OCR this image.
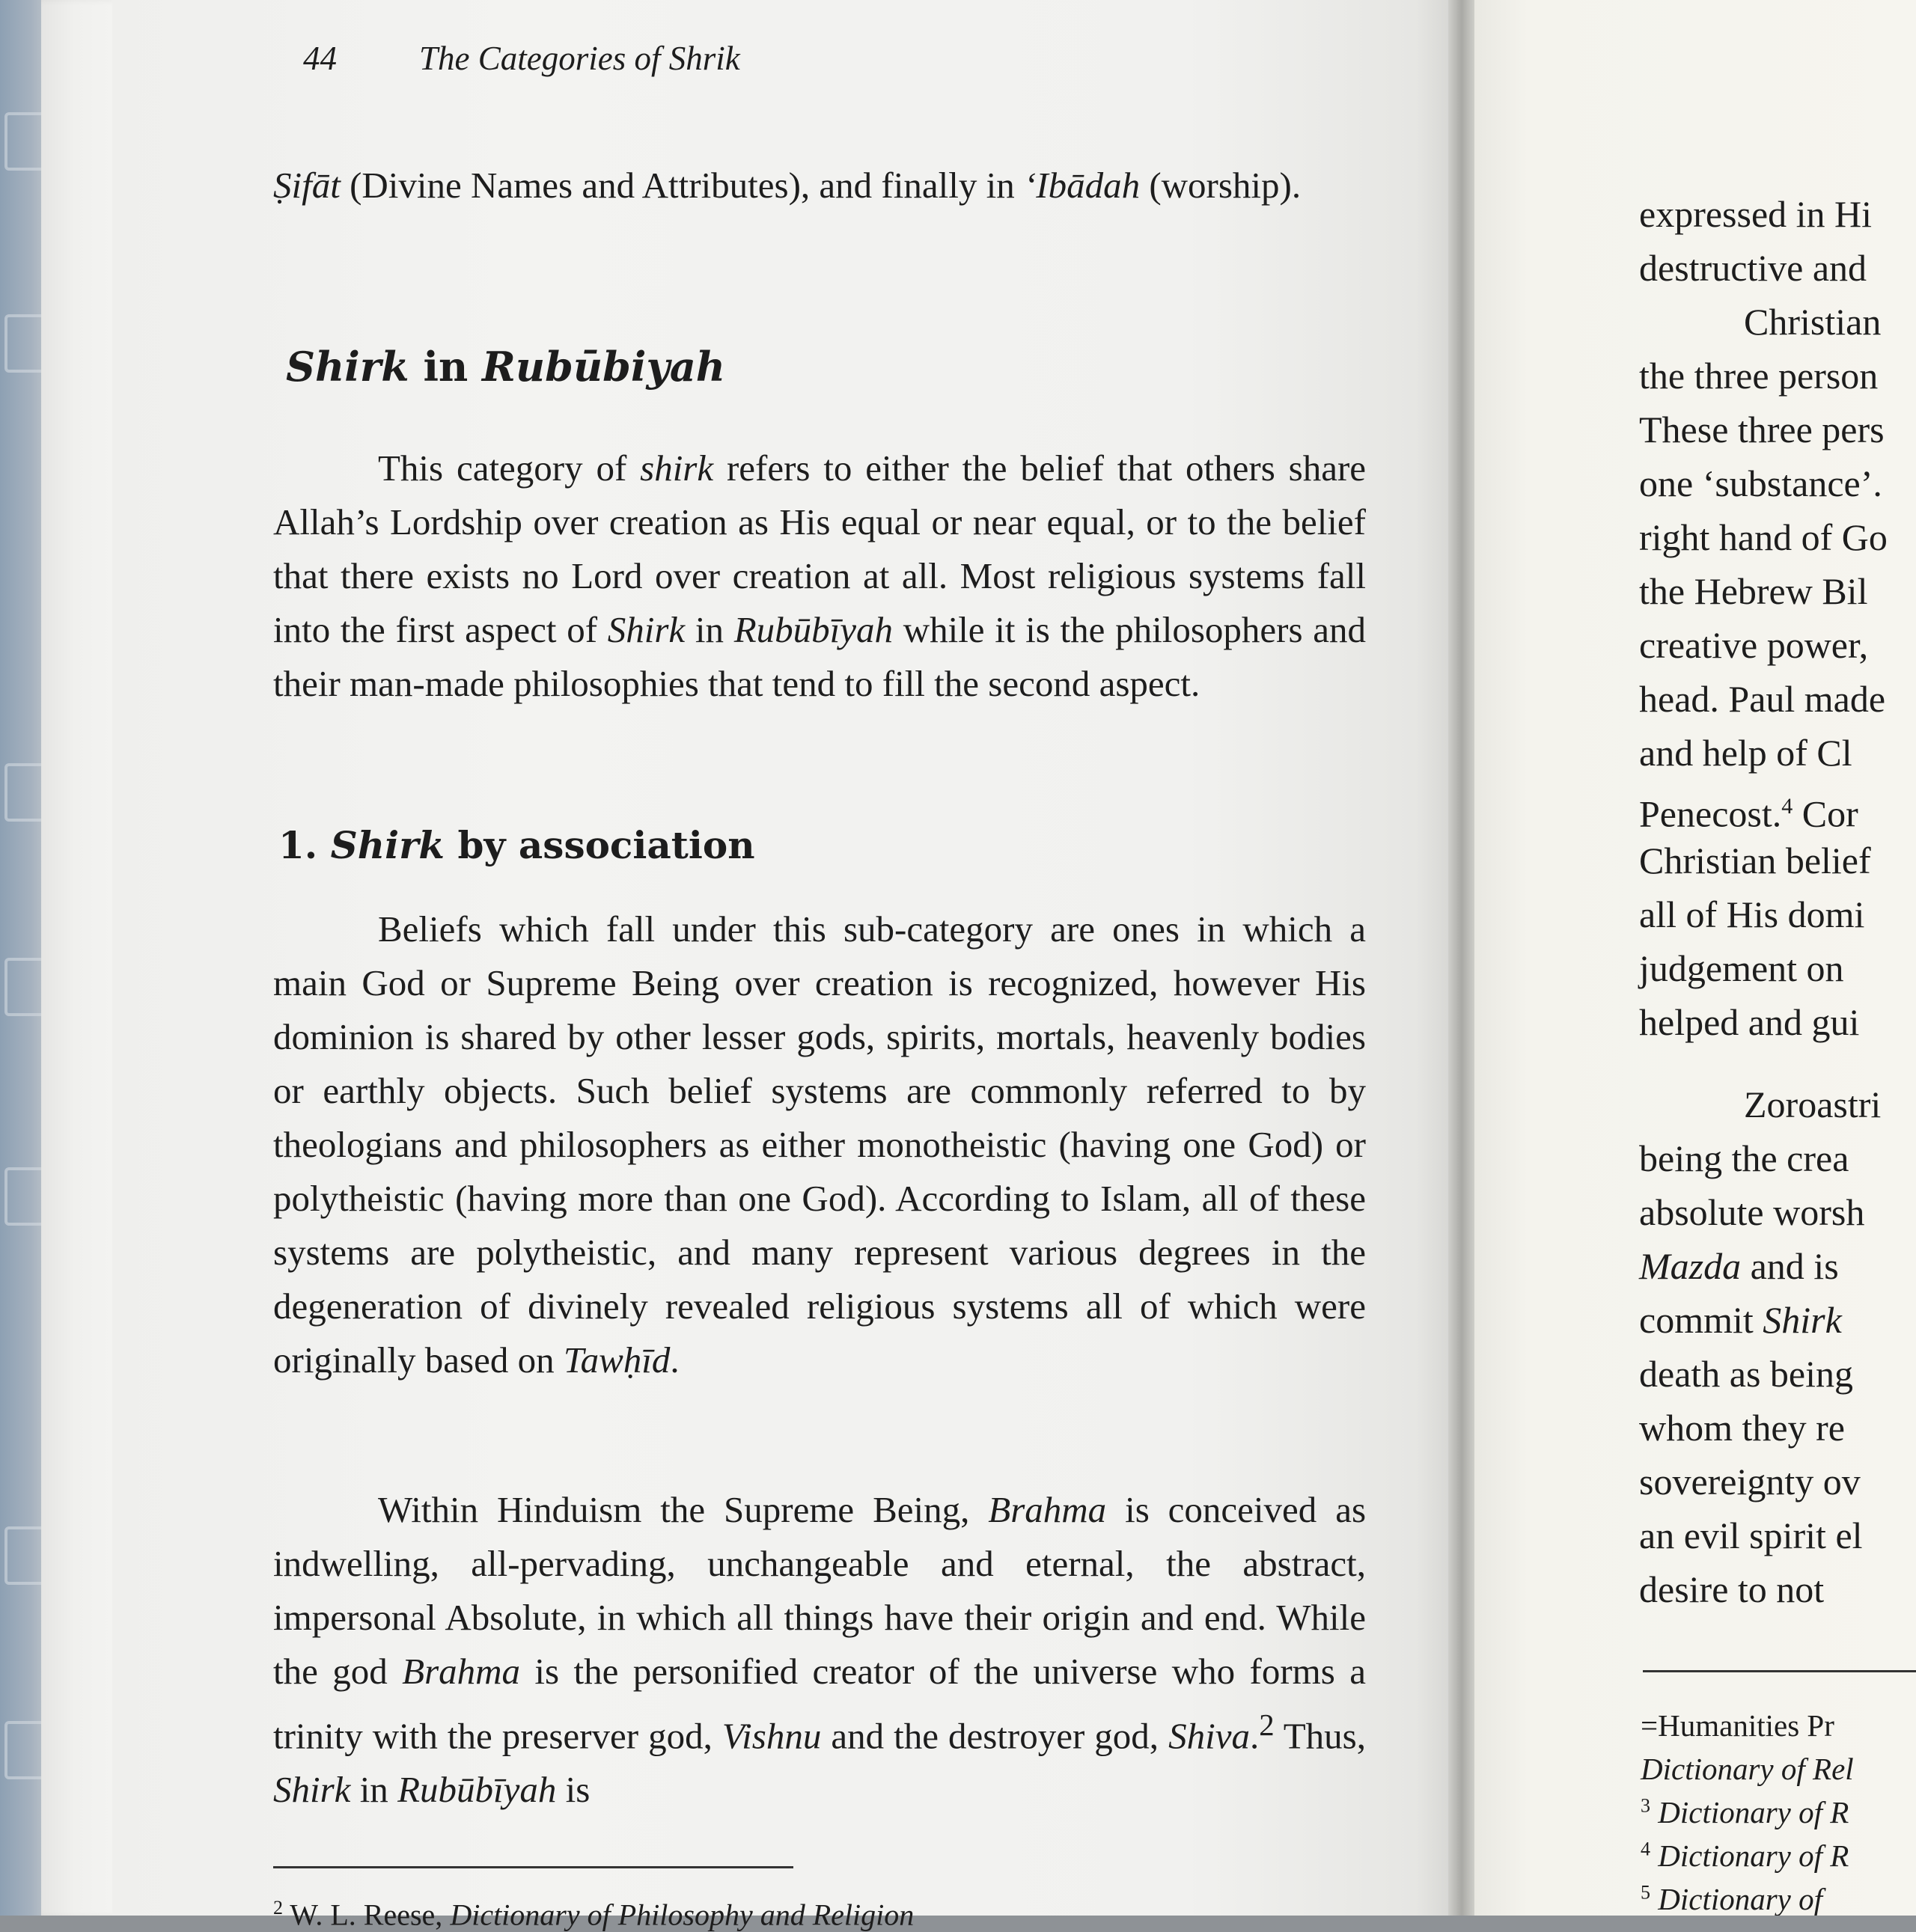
44 The Categories of Shrik

Ṣifāt (Divine Names and Attributes), and finally in ‘Ibādah (worship).

Shirk in Rubūbiyah

This category of shirk refers to either the belief that others share Allah’s Lordship over creation as His equal or near equal, or to the belief that there exists no Lord over creation at all. Most religious systems fall into the first aspect of Shirk in Rubūbīyah while it is the philosophers and their man-made philosophies that tend to fill the second aspect.

1. Shirk by association

Beliefs which fall under this sub-category are ones in which a main God or Supreme Being over creation is recognized, however His dominion is shared by other lesser gods, spirits, mortals, heavenly bodies or earthly objects. Such belief systems are commonly referred to by theologians and philosophers as either monotheistic (having one God) or polytheistic (having more than one God). According to Islam, all of these systems are polytheistic, and many represent various degrees in the degeneration of divinely revealed religious systems all of which were originally based on Tawḥīd.

Within Hinduism the Supreme Being, Brahma is conceived as indwelling, all-pervading, unchangeable and eternal, the abstract, impersonal Absolute, in which all things have their origin and end. While the god Brahma is the personified creator of the universe who forms a trinity with the preserver god, Vishnu and the destroyer god, Shiva.$^2$ Thus, Shirk in Rubūbīyah is

$^2$ W. L. Reese, Dictionary of Philosophy and Religion
expressed in Hi
destructive and
Christian
the three person
These three pers
one ‘substance’.
right hand of Go
the Hebrew Bil
creative power,
head. Paul made
and help of Cl
Penecost.$^4$ Cor
Christian belief
all of His domi
judgement on
helped and gui
Zoroastri
being the crea
absolute worsh
Mazda and is
commit Shirk
death as being
whom they re
sovereignty ov
an evil spirit el
desire to not
=Humanities Pr
Dictionary of Rel
$^3$ Dictionary of R
$^4$ Dictionary of R
$^5$ Dictionary of
